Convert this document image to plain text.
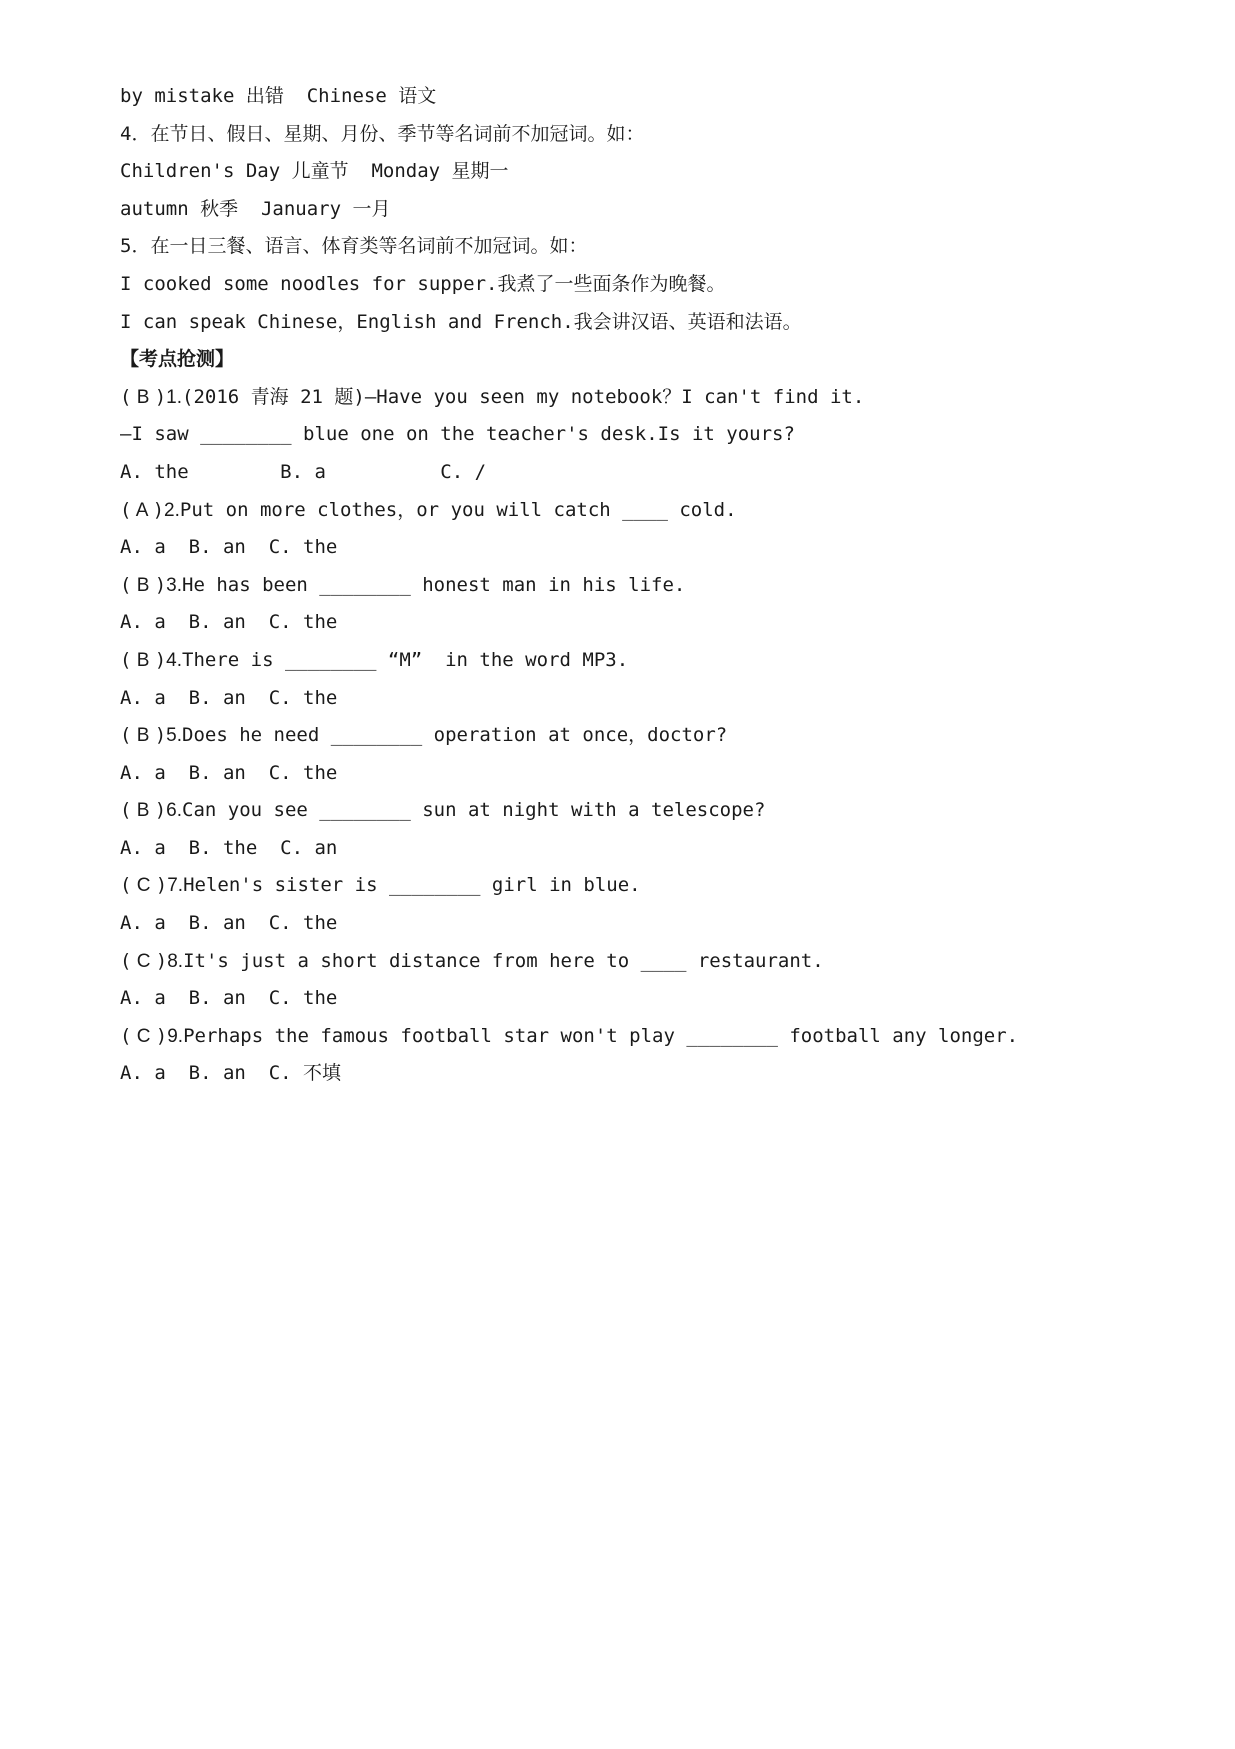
by mistake 出错  Chinese 语文
4．在节日、假日、星期、月份、季节等名词前不加冠词。如：
Children's Day 儿童节  Monday 星期一
autumn 秋季  January 一月
5．在一日三餐、语言、体育类等名词前不加冠词。如：
I cooked some noodles for supper.我煮了一些面条作为晚餐。
I can speak Chinese，English and French.我会讲汉语、英语和法语。
【考点抢测】
( B )1.(2016 青海 21 题)—Have you seen my notebook？I can't find it.
—I saw ________ blue one on the teacher's desk.Is it yours?
A. the        B. a          C. /
( A )2.Put on more clothes，or you will catch ____ cold.
A. a  B. an  C. the
( B )3.He has been ________ honest man in his life.
A. a  B. an  C. the
( B )4.There is ________ “M”  in the word MP3.
A. a  B. an  C. the
( B )5.Does he need ________ operation at once，doctor?
A. a  B. an  C. the
( B )6.Can you see ________ sun at night with a telescope?
A. a  B. the  C. an
( C )7.Helen's sister is ________ girl in blue.
A. a  B. an  C. the
( C )8.It's just a short distance from here to ____ restaurant.
A. a  B. an  C. the
( C )9.Perhaps the famous football star won't play ________ football any longer.
A. a  B. an  C. 不填
